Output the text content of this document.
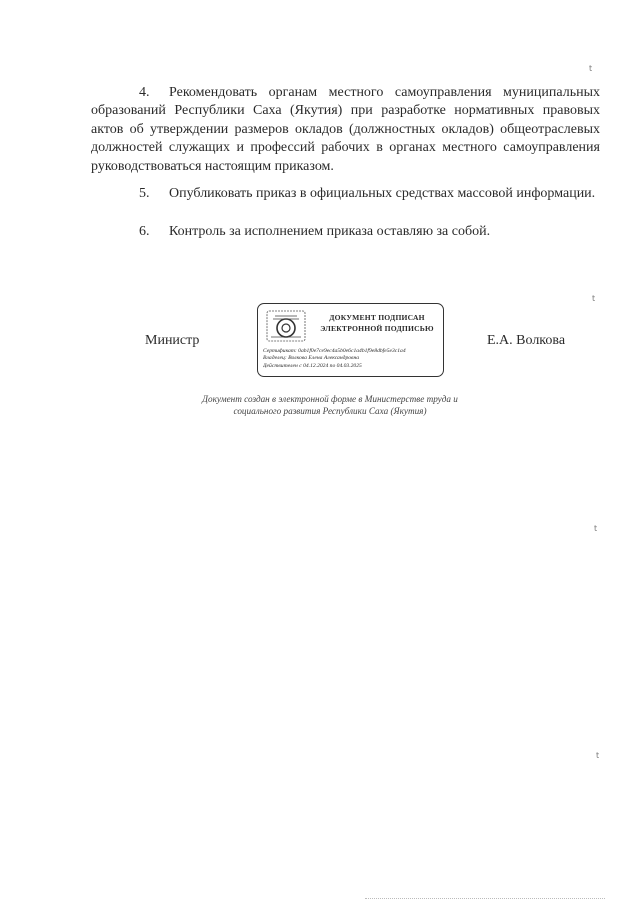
4. Рекомендовать органам местного самоуправления муниципальных образований Республики Саха (Якутия) при разработке нормативных правовых актов об утверждении размеров окладов (должностных окладов) общеотраслевых должностей служащих и профессий рабочих в органах местного самоуправления руководствоваться настоящим приказом.
5. Опубликовать приказ в официальных средствах массовой информации.
6. Контроль за исполнением приказа оставляю за собой.
Министр	Е.А. Волкова
ДОКУМЕНТ ПОДПИСАН
ЭЛЕКТРОННОЙ ПОДПИСЬЮ
Сертификат: 0ab1f0e7ce9ec4a5b0e6c1a4b1f9e8dbfe5e3c1a4
Владелец: Волкова Елена Александровна
Действителен с 04.12.2024 по 04.03.2025
Документ создан в электронной форме в Министерстве труда и
социального развития Республики Саха (Якутия)
t
t
t
t
